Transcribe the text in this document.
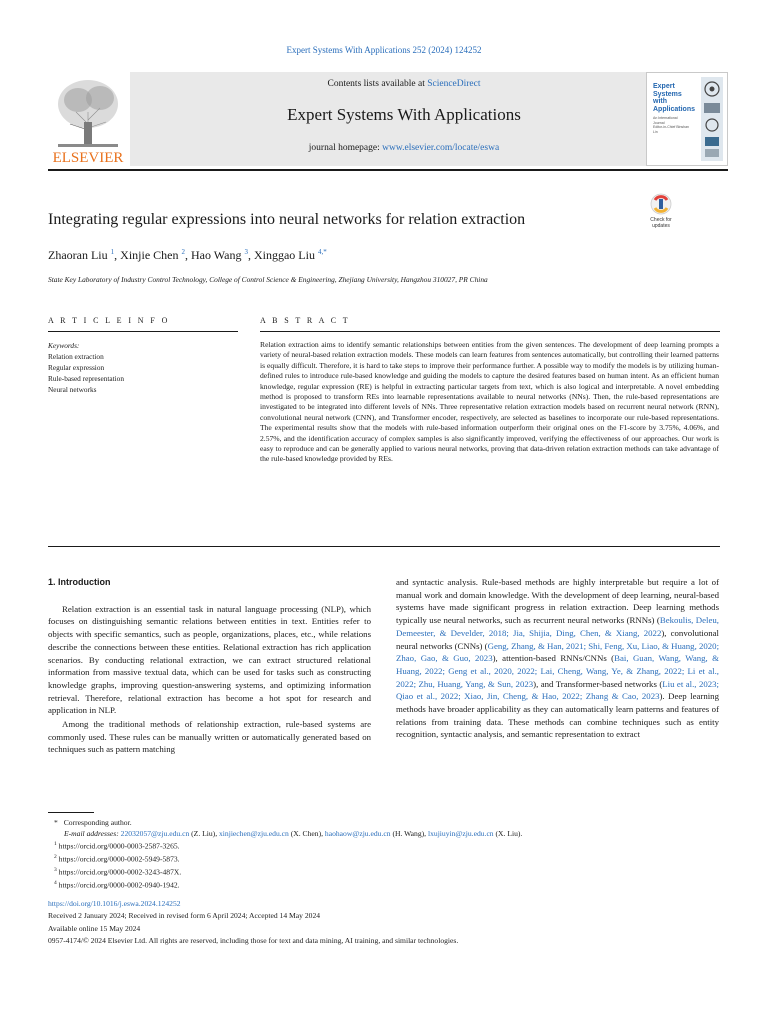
Expert Systems With Applications 252 (2024) 124252
ELSEVIER
Contents lists available at ScienceDirect
Expert Systems With Applications
journal homepage: www.elsevier.com/locate/eswa
Expert Systems with Applications
An International Journal
Editor-in-Chief Binshan Lin
Integrating regular expressions into neural networks for relation extraction	Check for
updates
Zhaoran Liu $^1$, Xinjie Chen $^2$, Hao Wang $^3$, Xinggao Liu $^{4,*}$
State Key Laboratory of Industry Control Technology, College of Control Science & Engineering, Zhejiang University, Hangzhou 310027, PR China
A R T I C L E I N F O	A B S T R A C T
Keywords:
Relation extraction
Regular expression
Rule-based representation
Neural networks
Relation extraction aims to identify semantic relationships between entities from the given sentences. The development of deep learning prompts a variety of neural-based relation extraction models. These models can learn features from sentences automatically, but controlling their learned patterns is equally difficult. Therefore, it is hard to take steps to improve their performance further. A possible way to modify the models is by utilizing human-defined rules to introduce rule-based knowledge and guiding the models to capture the desired features based on human intent. As an efficient human knowledge, regular expression (RE) is helpful in extracting particular targets from text, which is also logical and interpretable. A novel embedding method is proposed to transform REs into learnable representations available to neural networks (NNs). Then, the rule-based representations are investigated to be integrated into different levels of NNs. Three representative relation extraction models based on recurrent neural network (RNN), convolutional neural network (CNN), and Transformer encoder, respectively, are selected as baselines to incorporate our rule-based representations. The experimental results show that the models with rule-based information outperform their original ones on the F1-score by 3.75%, 4.06%, and 2.57%, and the identification accuracy of complex samples is also significantly improved, verifying the effectiveness of our approaches. Our work is easy to reproduce and can be generally applied to various neural networks, proving that data-driven relation extraction methods can take advantage of the rule-based knowledge provided by REs.

1. Introduction

Relation extraction is an essential task in natural language processing (NLP), which focuses on distinguishing semantic relations between entities in text. Entities refer to objects with specific semantics, such as people, organizations, places, etc., while relations describe the connections between these entities. Relational extraction has rich application scenarios. By conducting relational extraction, we can extract structured relational information from massive textual data, which can be used for tasks such as constructing knowledge graphs, improving question-answering systems, and optimizing information retrieval. Therefore, relational extraction has become a hot spot for research and application in NLP.

Among the traditional methods of relationship extraction, rule-based systems are commonly used. These rules can be manually written or automatically generated based on techniques such as pattern matching

and syntactic analysis. Rule-based methods are highly interpretable but require a lot of manual work and domain knowledge. With the development of deep learning, neural-based systems have made significant progress in relation extraction. Deep learning methods typically use neural networks, such as recurrent neural networks (RNNs) (Bekoulis, Deleu, Demeester, & Develder, 2018; Jia, Shijia, Ding, Chen, & Xiang, 2022), convolutional neural networks (CNNs) (Geng, Zhang, & Han, 2021; Shi, Feng, Xu, Liao, & Huang, 2020; Zhao, Gao, & Guo, 2023), attention-based RNNs/CNNs (Bai, Guan, Wang, Wang, & Huang, 2022; Geng et al., 2020, 2022; Lai, Cheng, Wang, Ye, & Zhang, 2022; Li et al., 2022; Zhu, Huang, Yang, & Sun, 2023), and Transformer-based networks (Liu et al., 2023; Qiao et al., 2022; Xiao, Jin, Cheng, & Hao, 2022; Zhang & Cao, 2023). Deep learning methods have broader applicability as they can automatically learn patterns and features of relations from training data. These methods can combine techniques such as entity recognition, syntactic analysis, and semantic representation to extract

* Corresponding author.
E-mail addresses: 22032057@zju.edu.cn (Z. Liu), xinjiechen@zju.edu.cn (X. Chen), haohaow@zju.edu.cn (H. Wang), lxujiuyin@zju.edu.cn (X. Liu).
$^1$ https://orcid.org/0000-0003-2587-3265.
$^2$ https://orcid.org/0000-0002-5949-5873.
$^3$ https://orcid.org/0000-0002-3243-487X.
$^4$ https://orcid.org/0000-0002-0940-1942.
https://doi.org/10.1016/j.eswa.2024.124252
Received 2 January 2024; Received in revised form 6 April 2024; Accepted 14 May 2024
Available online 15 May 2024
0957-4174/© 2024 Elsevier Ltd. All rights are reserved, including those for text and data mining, AI training, and similar technologies.
